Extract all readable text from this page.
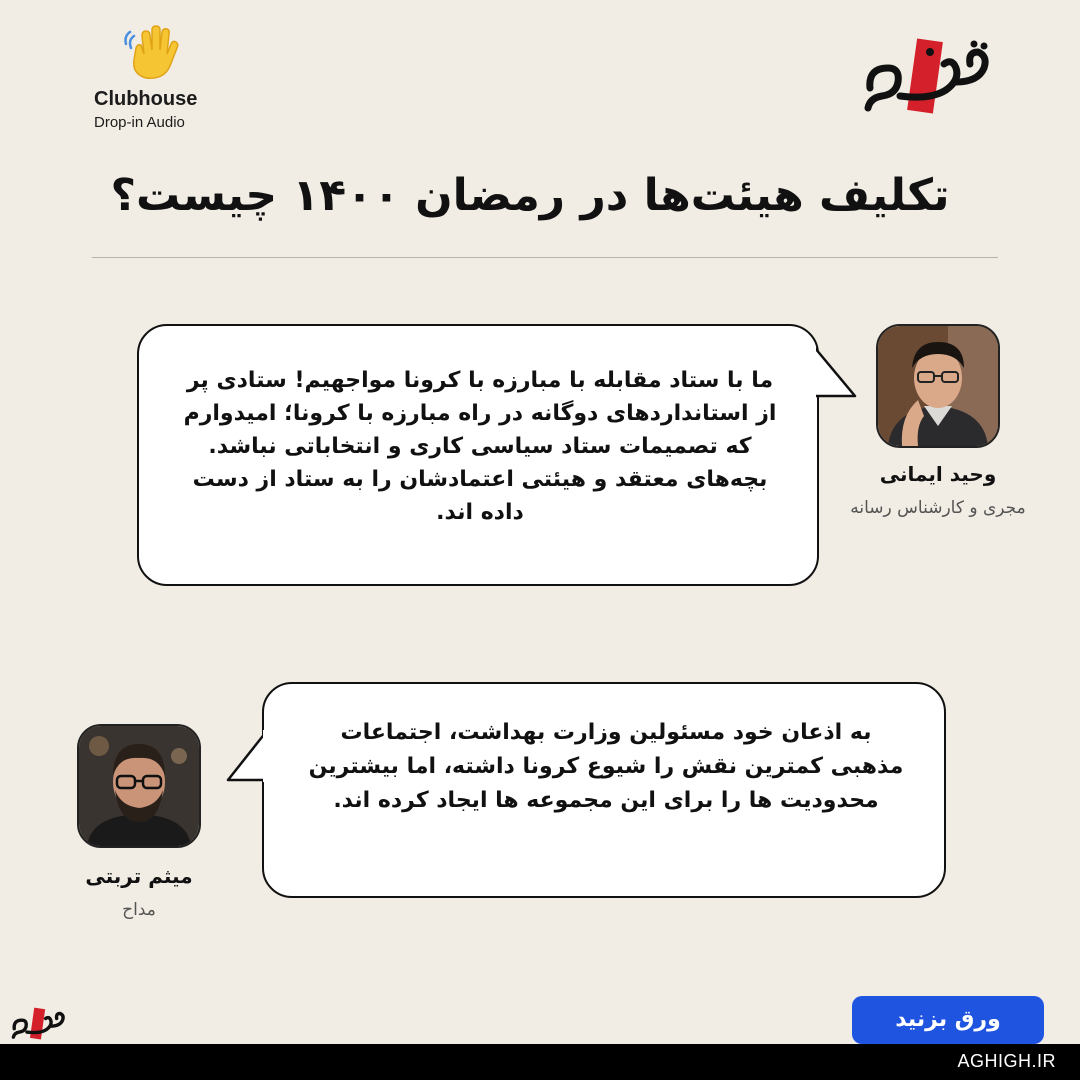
Clubhouse
Drop-in Audio
تکلیف هیئت‌ها در رمضان ۱۴۰۰ چیست؟
ما با ستاد مقابله با مبارزه با کرونا مواجهیم! ستادی پر از استانداردهای دوگانه در راه مبارزه با کرونا؛ امیدوارم که تصمیمات ستاد سیاسی کاری و انتخاباتی نباشد. بچه‌های معتقد و هیئتی اعتمادشان را به ستاد از دست داده اند.
وحید ایمانی
مجری و کارشناس رسانه
به اذعان خود مسئولین وزارت بهداشت، اجتماعات مذهبی کمترین نقش را شیوع کرونا داشته، اما بیشترین محدودیت ها را برای این مجموعه ها ایجاد کرده اند.
میثم تربتی
مداح
ورق بزنید
AGHIGH.IR
